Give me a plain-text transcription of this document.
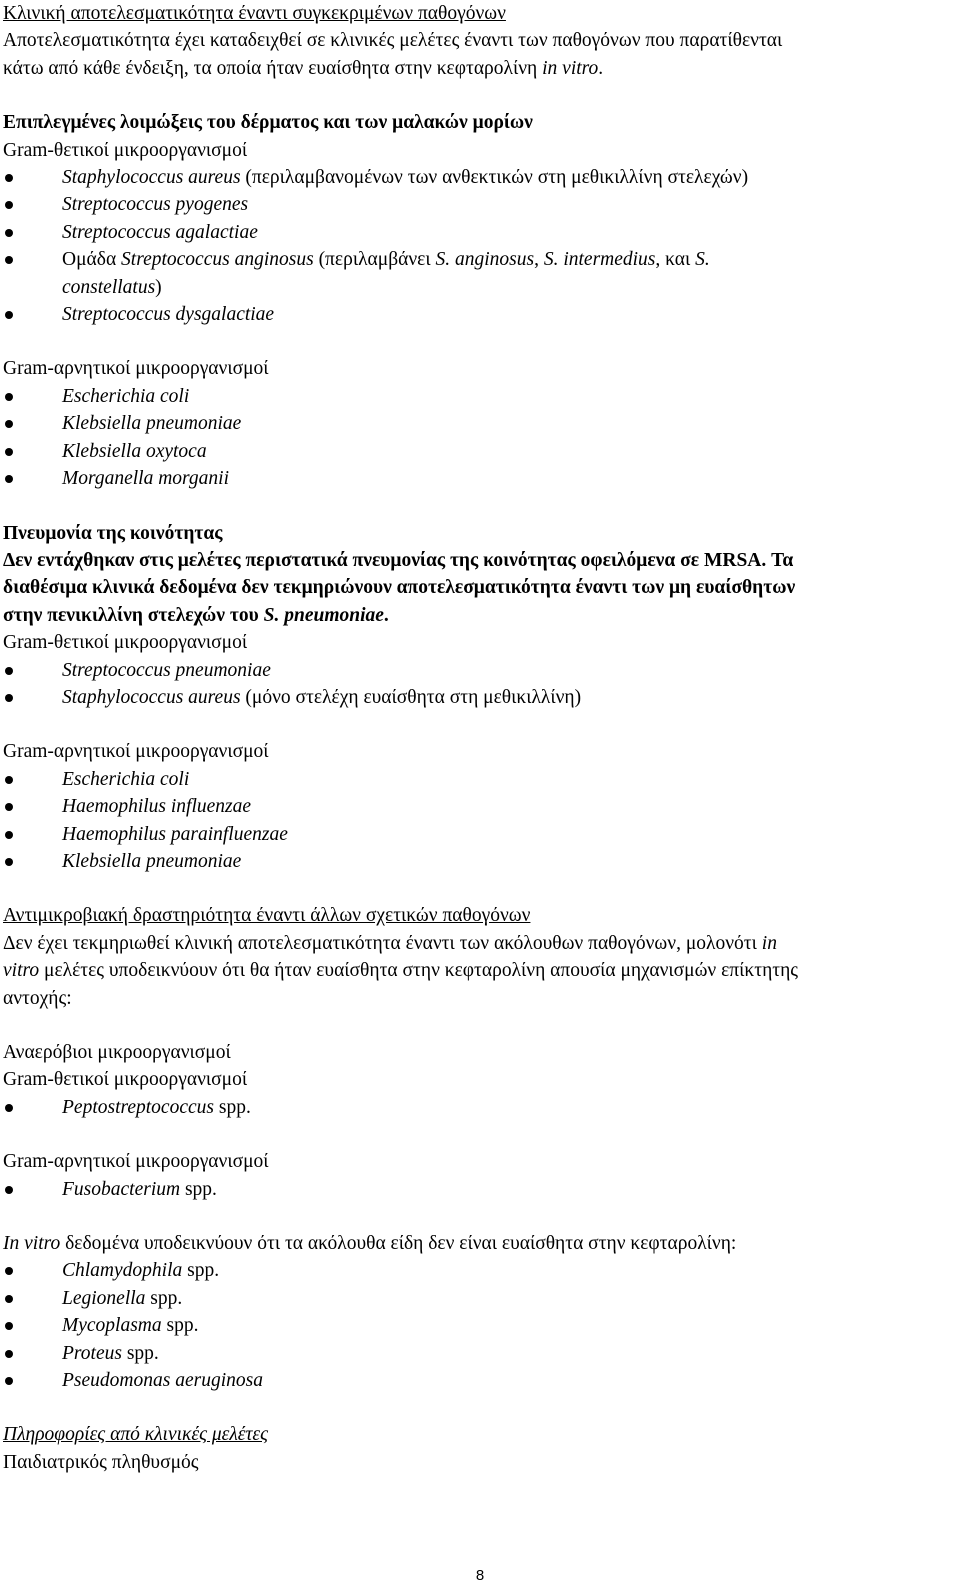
Κλινική αποτελεσματικότητα έναντι συγκεκριμένων παθογόνων

Αποτελεσματικότητα έχει καταδειχθεί σε κλινικές μελέτες έναντι των παθογόνων που παρατίθενται

κάτω από κάθε ένδειξη, τα οποία ήταν ευαίσθητα στην κεφταρολίνη in vitro.

Επιπλεγμένες λοιμώξεις του δέρματος και των μαλακών μορίων

Gram-θετικοί μικροοργανισμοί

Staphylococcus aureus (περιλαμβανομένων των ανθεκτικών στη μεθικιλλίνη στελεχών)
Streptococcus pyogenes
Streptococcus agalactiae
Ομάδα Streptococcus anginosus (περιλαμβάνει S. anginosus, S. intermedius, και S.
constellatus)
Streptococcus dysgalactiae

Gram-αρνητικοί μικροοργανισμοί

Escherichia coli
Klebsiella pneumoniae
Klebsiella oxytoca
Morganella morganii

Πνευμονία της κοινότητας

Δεν εντάχθηκαν στις μελέτες περιστατικά πνευμονίας της κοινότητας οφειλόμενα σε MRSA. Τα

διαθέσιμα κλινικά δεδομένα δεν τεκμηριώνουν αποτελεσματικότητα έναντι των μη ευαίσθητων

στην πενικιλλίνη στελεχών του S. pneumoniae.

Gram-θετικοί μικροοργανισμοί

Streptococcus pneumoniae
Staphylococcus aureus (μόνο στελέχη ευαίσθητα στη μεθικιλλίνη)

Gram-αρνητικοί μικροοργανισμοί

Escherichia coli
Haemophilus influenzae
Haemophilus parainfluenzae
Klebsiella pneumoniae

Αντιμικροβιακή δραστηριότητα έναντι άλλων σχετικών παθογόνων

Δεν έχει τεκμηριωθεί κλινική αποτελεσματικότητα έναντι των ακόλουθων παθογόνων, μολονότι in

vitro μελέτες υποδεικνύουν ότι θα ήταν ευαίσθητα στην κεφταρολίνη απουσία μηχανισμών επίκτητης

αντοχής:

Αναερόβιοι μικροοργανισμοί

Gram-θετικοί μικροοργανισμοί

Peptostreptococcus spp.

Gram-αρνητικοί μικροοργανισμοί

Fusobacterium spp.

In vitro δεδομένα υποδεικνύουν ότι τα ακόλουθα είδη δεν είναι ευαίσθητα στην κεφταρολίνη:

Chlamydophila spp.
Legionella spp.
Mycoplasma spp.
Proteus spp.
Pseudomonas aeruginosa

Πληροφορίες από κλινικές μελέτες

Παιδιατρικός πληθυσμός

8
